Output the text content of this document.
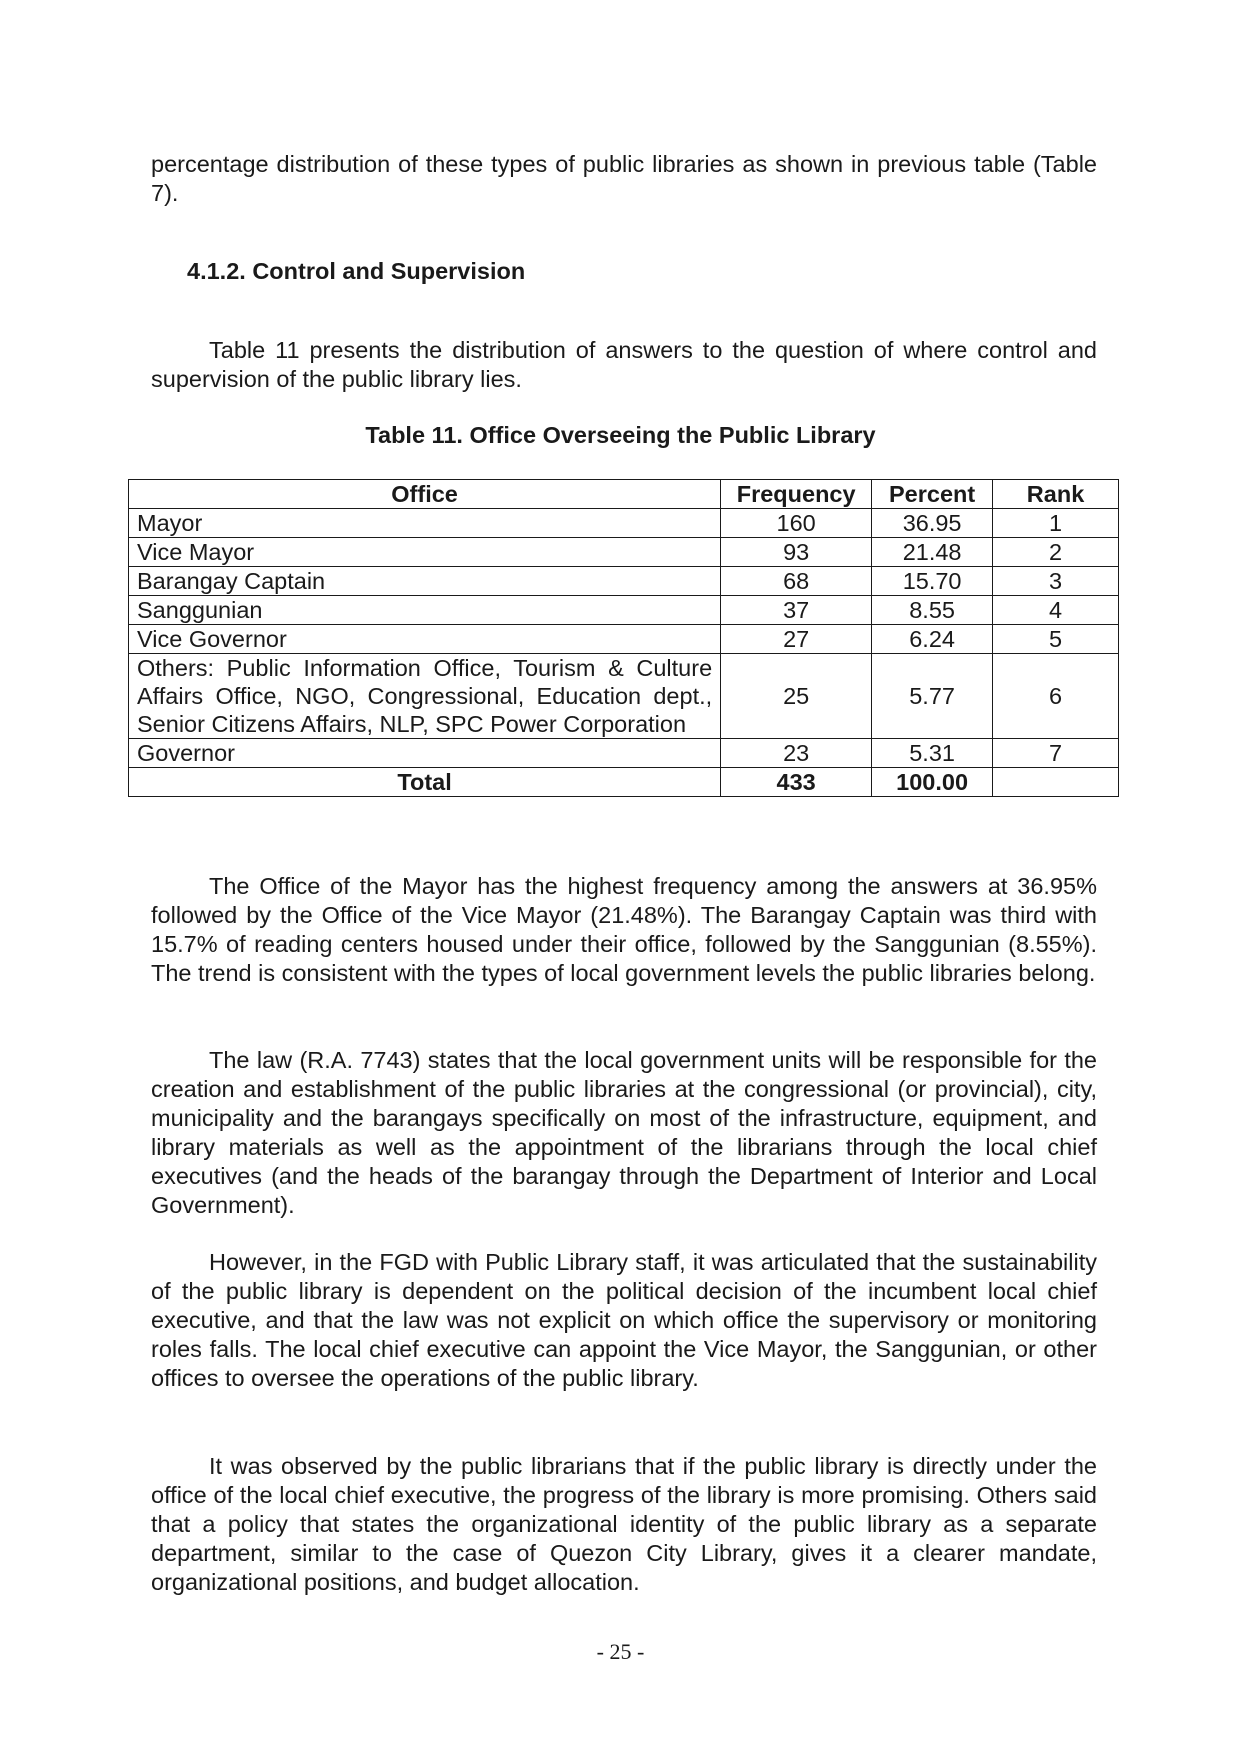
percentage distribution of these types of public libraries as shown in previous table (Table 7).

4.1.2. Control and Supervision

Table 11 presents the distribution of answers to the question of where control and supervision of the public library lies.

Table 11. Office Overseeing the Public Library

Office	Frequency	Percent	Rank
Mayor	160	36.95	1
Vice Mayor	93	21.48	2
Barangay Captain	68	15.70	3
Sanggunian	37	8.55	4
Vice Governor	27	6.24	5
Others: Public Information Office, Tourism & Culture Affairs Office, NGO, Congressional, Education dept., Senior Citizens Affairs, NLP, SPC Power Corporation	25	5.77	6
Governor	23	5.31	7
Total	433	100.00	

The Office of the Mayor has the highest frequency among the answers at 36.95% followed by the Office of the Vice Mayor (21.48%). The Barangay Captain was third with 15.7% of reading centers housed under their office, followed by the Sanggunian (8.55%). The trend is consistent with the types of local government levels the public libraries belong.

The law (R.A. 7743) states that the local government units will be responsible for the creation and establishment of the public libraries at the congressional (or provincial), city, municipality and the barangays specifically on most of the infrastructure, equipment, and library materials as well as the appointment of the librarians through the local chief executives (and the heads of the barangay through the Department of Interior and Local Government).

However, in the FGD with Public Library staff, it was articulated that the sustainability of the public library is dependent on the political decision of the incumbent local chief executive, and that the law was not explicit on which office the supervisory or monitoring roles falls. The local chief executive can appoint the Vice Mayor, the Sanggunian, or other offices to oversee the operations of the public library.

It was observed by the public librarians that if the public library is directly under the office of the local chief executive, the progress of the library is more promising. Others said that a policy that states the organizational identity of the public library as a separate department, similar to the case of Quezon City Library, gives it a clearer mandate, organizational positions, and budget allocation.

- 25 -
